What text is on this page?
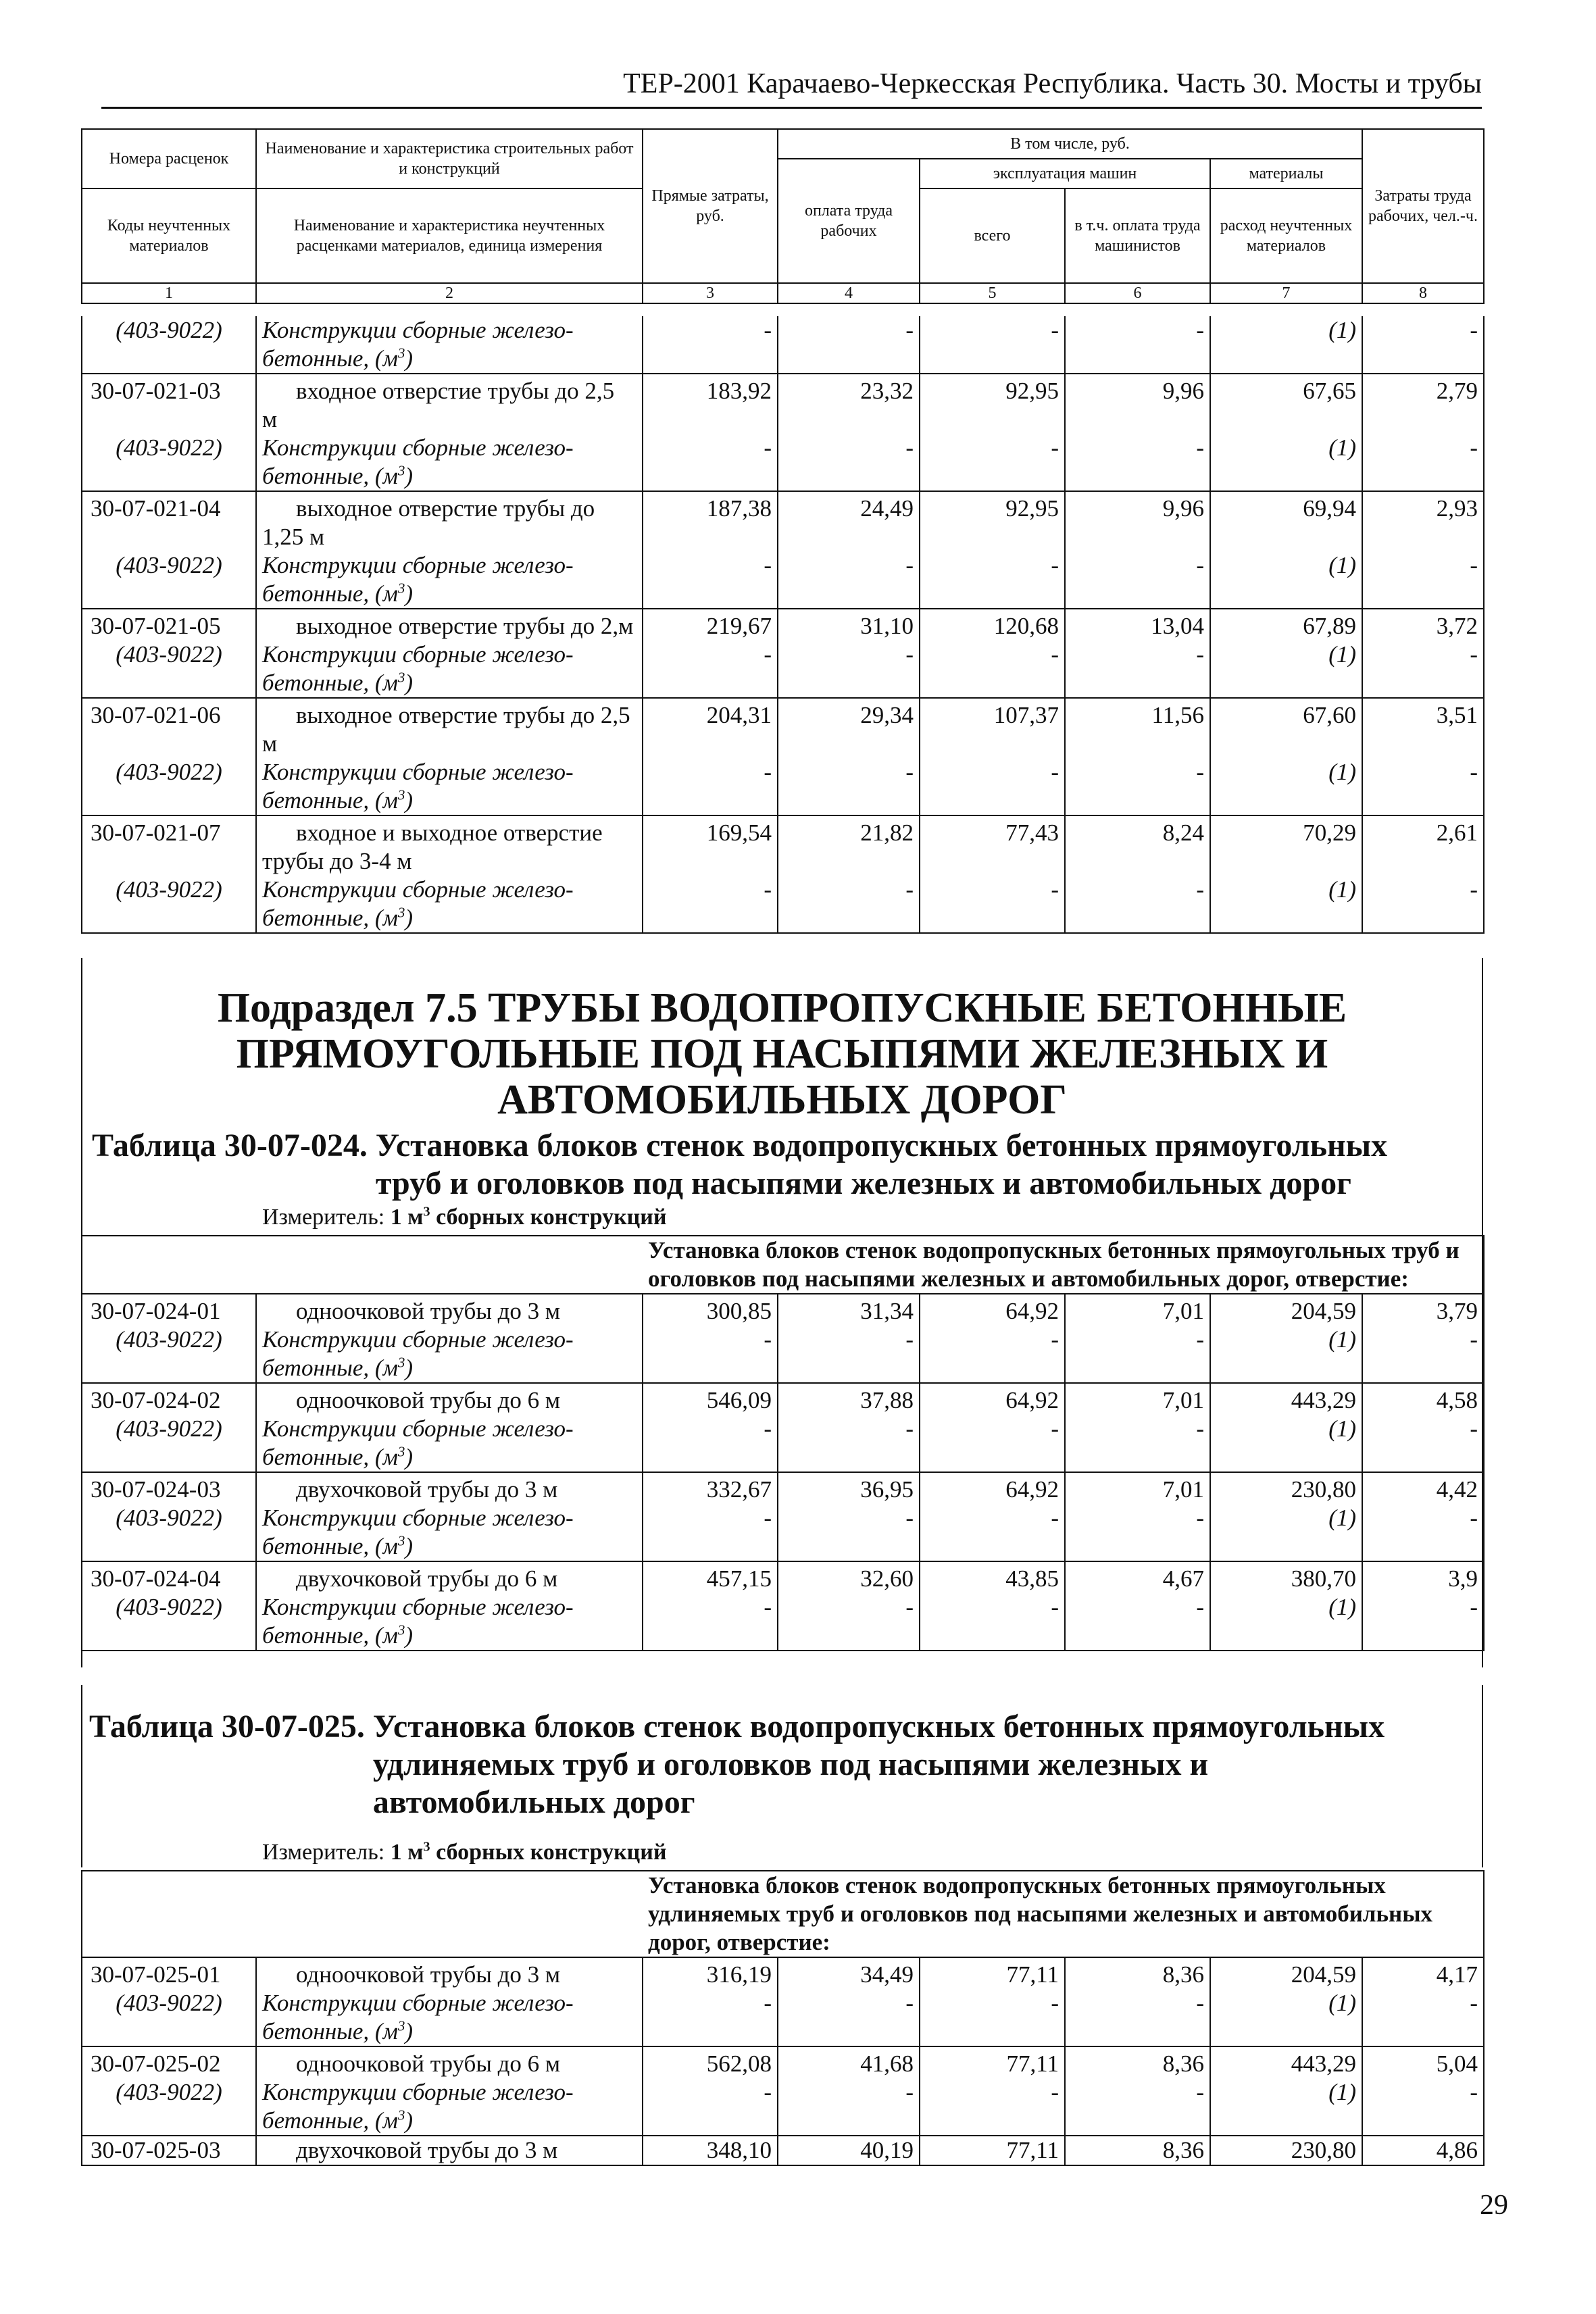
ТЕР-2001 Карачаево-Черкесская Республика. Часть 30. Мосты и трубы
Номера расценок	Наименование и характеристика строительных работ и конструкций	Прямые затраты, руб.	В том числе, руб.				Затраты труда рабочих, чел.-ч.
			оплата труда рабочих	эксплуатация машин		материалы	
Коды неучтенных материалов	Наименование и характеристика неучтенных расценками материалов, единица измерения			всего	в т.ч. оплата труда машинистов	расход неучтенных материалов	

1	2	3	4	5	6	7	8
(403-9022)	Конструкции сборные железо-
бетонные, $(м^3)$	-	-	-	-	(1)	-
30-07-021-03	входное отверстие трубы до 2,5 м	183,92	23,32	92,95	9,96	67,65	2,79
(403-9022)	Конструкции сборные железо-
бетонные, $(м^3)$	-	-	-	-	(1)	-
30-07-021-04	выходное отверстие трубы до 1,25 м	187,38	24,49	92,95	9,96	69,94	2,93
(403-9022)	Конструкции сборные железо-
бетонные, $(м^3)$	-	-	-	-	(1)	-
30-07-021-05	выходное отверстие трубы до 2,м	219,67	31,10	120,68	13,04	67,89	3,72
(403-9022)	Конструкции сборные железо-
бетонные, $(м^3)$	-	-	-	-	(1)	-
30-07-021-06	выходное отверстие трубы до 2,5 м	204,31	29,34	107,37	11,56	67,60	3,51
(403-9022)	Конструкции сборные железо-
бетонные, $(м^3)$	-	-	-	-	(1)	-
30-07-021-07	входное и выходное отверстие трубы до 3-4 м	169,54	21,82	77,43	8,24	70,29	2,61
(403-9022)	Конструкции сборные железо-
бетонные, $(м^3)$	-	-	-	-	(1)	-

Подраздел 7.5 ТРУБЫ ВОДОПРОПУСКНЫЕ БЕТОННЫЕ ПРЯМОУГОЛЬНЫЕ ПОД НАСЫПЯМИ ЖЕЛЕЗНЫХ И АВТОМОБИЛЬНЫХ ДОРОГ

Таблица 30-07-024. Установка блоков стенок водопропускных бетонных прямоугольных труб и оголовков под насыпями железных и автомобильных дорог
Измеритель: 1 $м^3$ сборных конструкций
		Установка блоков стенок водопропускных бетонных прямоугольных труб и оголовков под насыпями железных и автомобильных дорог, отверстие:					
30-07-024-01	одноочковой трубы до 3 м	300,85	31,34	64,92	7,01	204,59	3,79
(403-9022)	Конструкции сборные железо-
бетонные, $(м^3)$	-	-	-	-	(1)	-
30-07-024-02	одноочковой трубы до 6 м	546,09	37,88	64,92	7,01	443,29	4,58
(403-9022)	Конструкции сборные железо-
бетонные, $(м^3)$	-	-	-	-	(1)	-
30-07-024-03	двухочковой трубы до 3 м	332,67	36,95	64,92	7,01	230,80	4,42
(403-9022)	Конструкции сборные железо-
бетонные, $(м^3)$	-	-	-	-	(1)	-
30-07-024-04	двухочковой трубы до 6 м	457,15	32,60	43,85	4,67	380,70	3,9
(403-9022)	Конструкции сборные железо-
бетонные, $(м^3)$	-	-	-	-	(1)	-
Таблица 30-07-025. Установка блоков стенок водопропускных бетонных прямоугольных удлиняемых труб и оголовков под насыпями железных и автомобильных дорог
Измеритель: 1 $м^3$ сборных конструкций
		Установка блоков стенок водопропускных бетонных прямоугольных удлиняемых труб и оголовков под насыпями железных и автомобильных дорог, отверстие:					
30-07-025-01	одноочковой трубы до 3 м	316,19	34,49	77,11	8,36	204,59	4,17
(403-9022)	Конструкции сборные железо-
бетонные, $(м^3)$	-	-	-	-	(1)	-
30-07-025-02	одноочковой трубы до 6 м	562,08	41,68	77,11	8,36	443,29	5,04
(403-9022)	Конструкции сборные железо-
бетонные, $(м^3)$	-	-	-	-	(1)	-
30-07-025-03	двухочковой трубы до 3 м	348,10	40,19	77,11	8,36	230,80	4,86
29
